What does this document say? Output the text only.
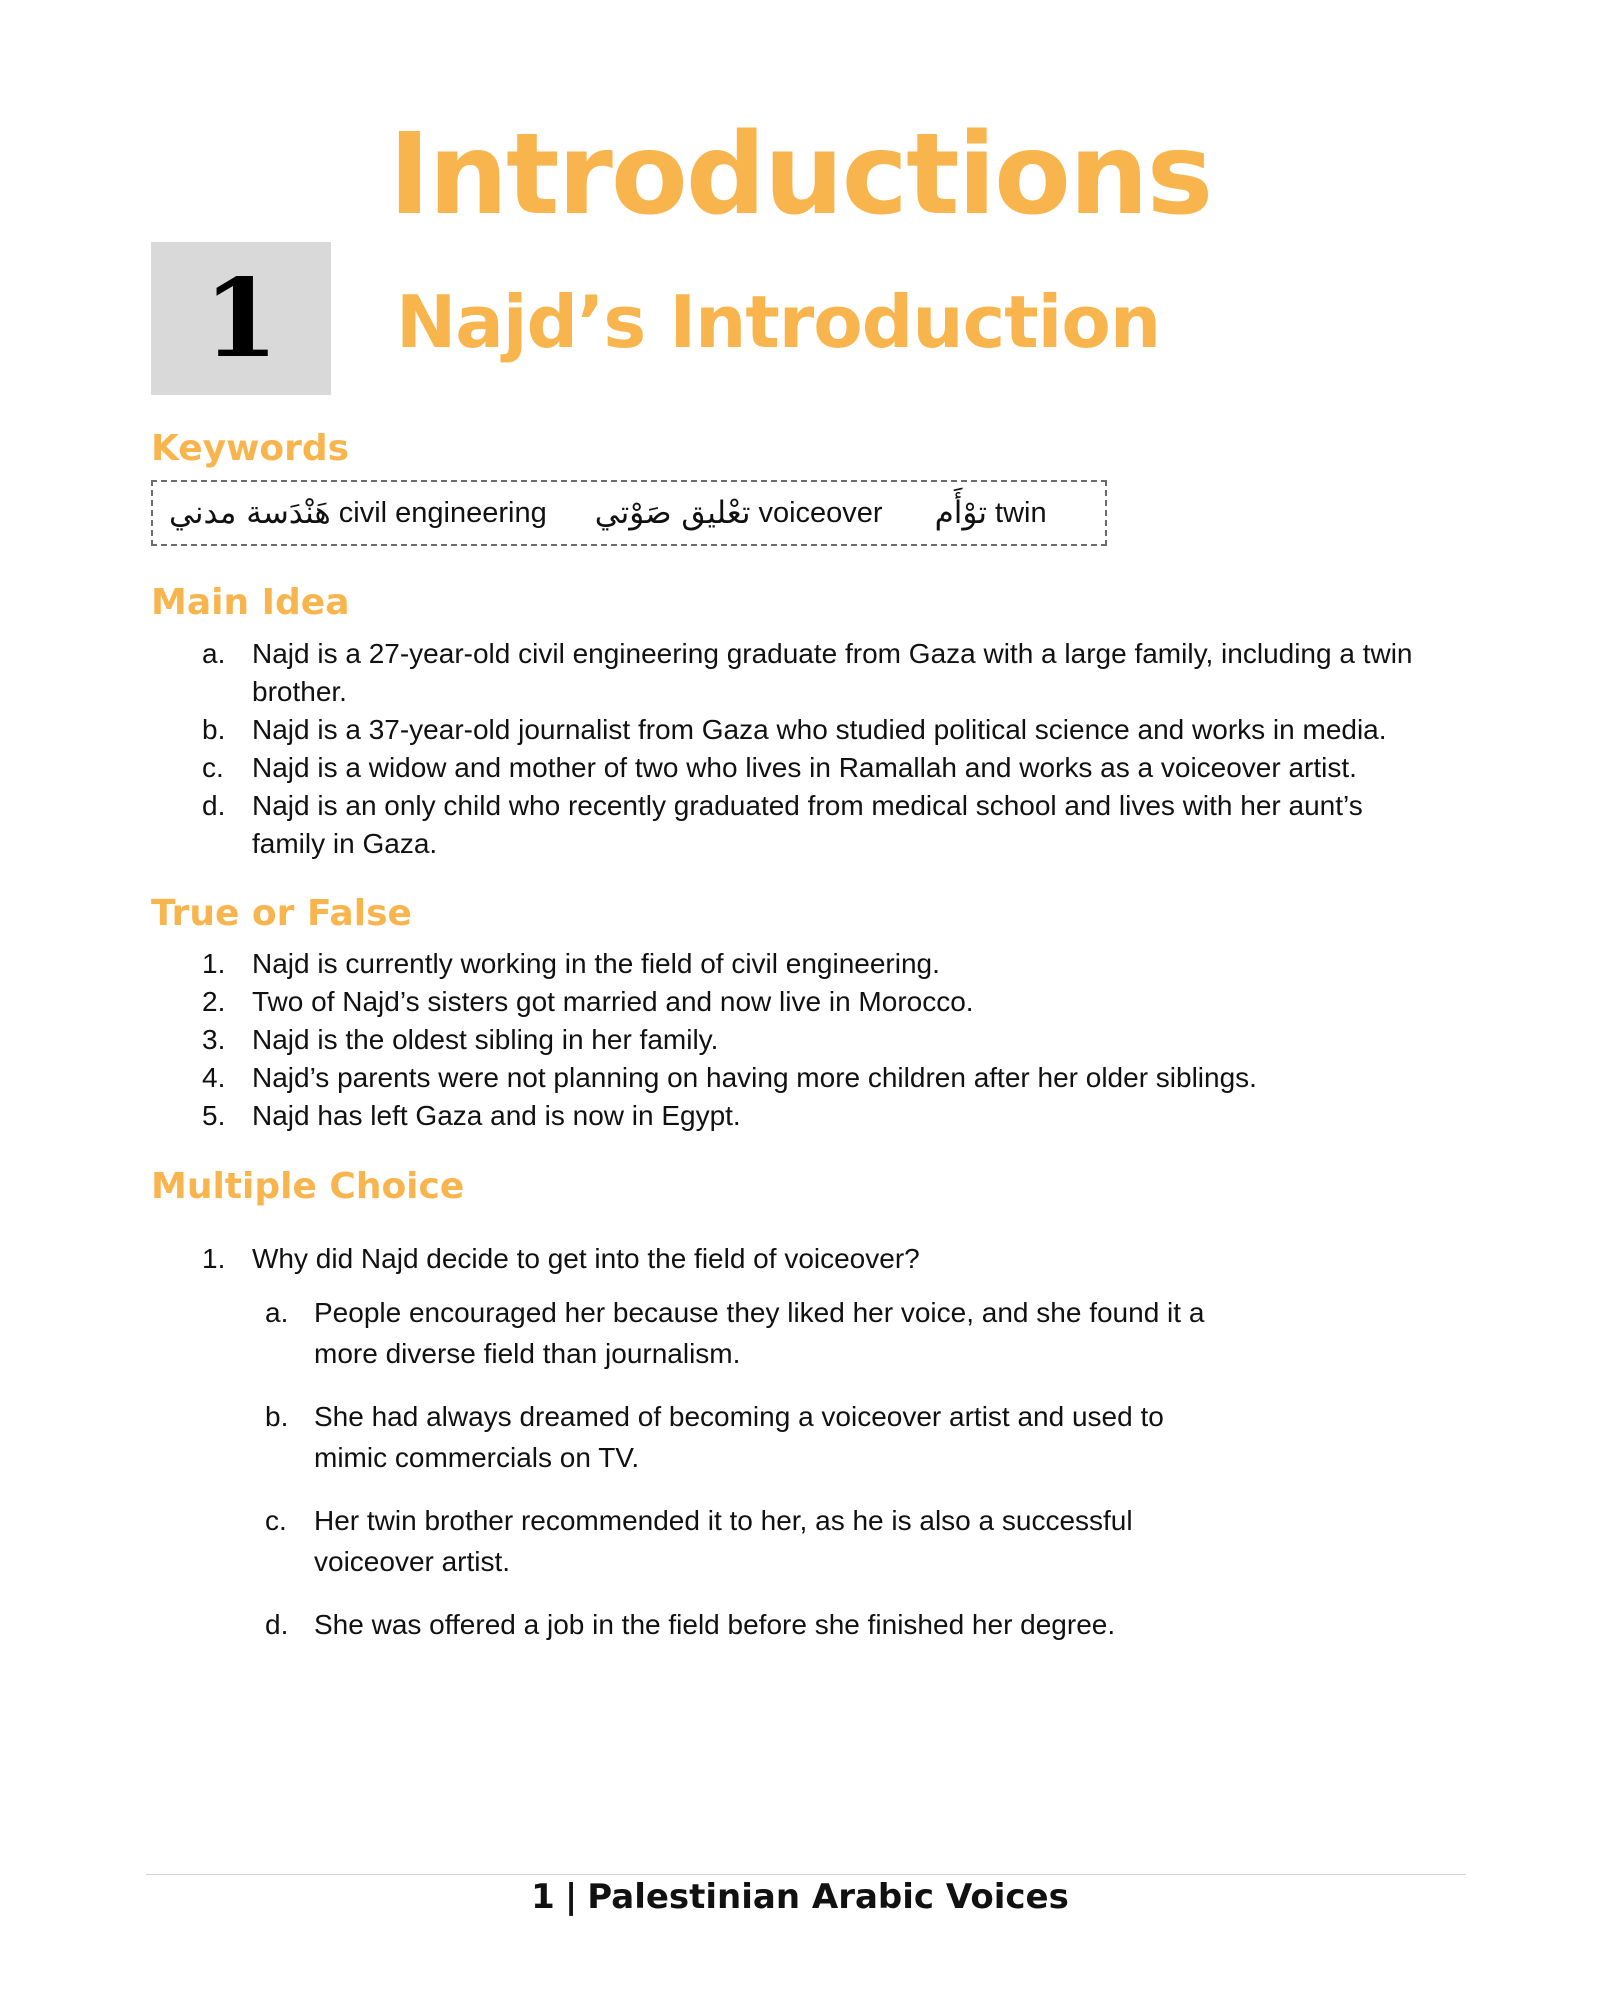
Introductions
1 Najd’s Introduction
Keywords
هَنْدَسة مدني civil engineering تعْليق صَوْتي voiceover توْأَم twin
Main Idea
a. Najd is a 27-year-old civil engineering graduate from Gaza with a large family, including a twin brother.
b. Najd is a 37-year-old journalist from Gaza who studied political science and works in media.
c. Najd is a widow and mother of two who lives in Ramallah and works as a voiceover artist.
d. Najd is an only child who recently graduated from medical school and lives with her aunt’s family in Gaza.
True or False
1. Najd is currently working in the field of civil engineering.
2. Two of Najd’s sisters got married and now live in Morocco.
3. Najd is the oldest sibling in her family.
4. Najd’s parents were not planning on having more children after her older siblings.
5. Najd has left Gaza and is now in Egypt.
Multiple Choice
1. Why did Najd decide to get into the field of voiceover?
a. People encouraged her because they liked her voice, and she found it a more diverse field than journalism.
b. She had always dreamed of becoming a voiceover artist and used to mimic commercials on TV.
c. Her twin brother recommended it to her, as he is also a successful voiceover artist.
d. She was offered a job in the field before she finished her degree.
1 | Palestinian Arabic Voices
